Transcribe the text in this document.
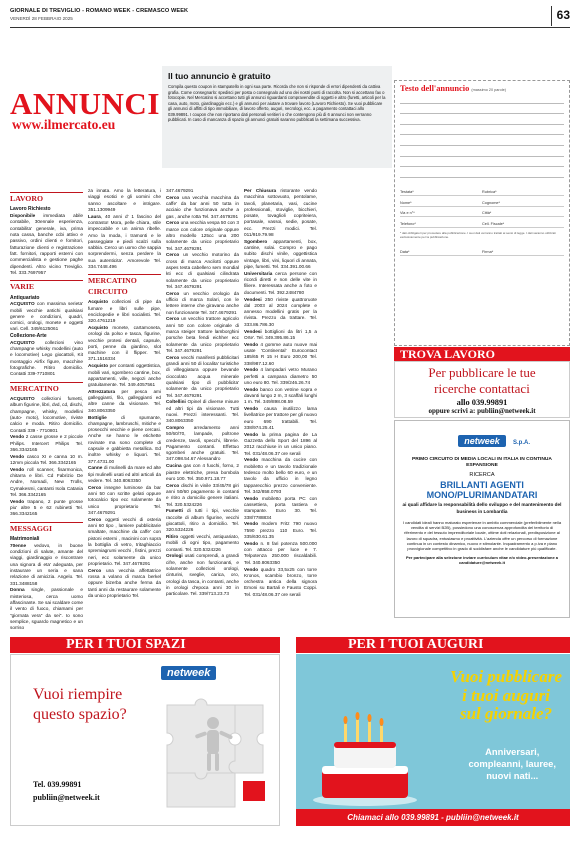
GIORNALE DI TREVIGLIO - ROMANO WEEK - CREMASCO WEEK
VENERDÌ 28 FEBBRAIO 2025	63
ANNUNCI
www.ilmercato.eu
Il tuo annuncio è gratuito

Compila questo coupon in stampatello in ogni sua parte. Ricorda che non si risponde di errori dipendenti da cattiva grafia. Come consegnarlo: spedisci per posta o consegnalo ad uno dei nostri punti di raccolta. Non si accettano fax o fotocopie. Nel Mercatino si accettano tutti gli annunci riguardanti compravendite di oggetti e altro (furetti, articoli per la casa, auto, moto, giardinaggio ecc.) e gli annunci per aiutare a trovare lavoro (Lavoro Richiesto). Se vuoi pubblicare gli annunci di affitti di tipo immobiliare, di lavoro offerto, auguri, necrologi, ecc. a pagamento contattaci allo 039.99891. I coupon che non riportano dati personali veritieri o che contengono più di 6 annunci non verranno pubblicati. In caso di mancanza di spazio gli annunci gratuiti saranno pubblicati la settimana successiva.

Testo dell'annuncio (massimo 20 parole)
Testata*	Rubrica*
Nome*	Cognome*
Via e n°*	Città*
Telefono*	Cell. Fiscale*
* dati obbligatori per procedere alla pubblicazione. I suoi dati verranno trattati ai sensi di legge. I dati saranno utilizzati esclusivamente per la pubblicazione.
Data*	Firma*
LAVORO
Lavoro Richiesto

Disponibile immediata abile contabile, 30ennale esperienza, contabilita' generale, iva, prima nota cassa, banche ccbi attivo e passivo, ordini clienti e fornitori, fatturazione clienti e registrazione fatt. fornitori, rapporti esterni con commercialista e gestione paghe dipendenti. Altro vicino Treviglio. Tel. 333.7697957

VARIE
Antiquariato

ACQUISTO con massima serieta' mobili vecchie antichi qualsiasi genere e condizioni, quadri, cornici, orologi, monete e oggetti vari. Cell. 349/6125061

Collezione-Arte

ACQUISTO collezioni vino champagne whisky modellini (auto e locomotive) Lego giocattoli, Kit montaggio Airfix figure, macchine fotografiche. Ritiro domicilio. Contatti 339-7710801

MERCATINO

ACQUISTO collezioni fumetti, album figurine, libri, dvd, cd, dischi, champagne, whisky, modellini (auto- moto), locomotive, riviste calcio e moda. Ritiro domicilio. Contatti 339 - 7710801

Vendo 2 casse grosse e 2 piccole Philips. Intercert Philips Tel. 366.3342165

Vendo casco XI e canna 10 m. 12mm piccola Tel. 366.3342165

Vendo roll scanner, fisarmonica, chitarra e libri. Cd Fabrizio De Andre, Nomadi, New Trolls, Cymakesmi, cantanti Isola Catania Tel. 366.3342165

Vendo trapano, 2 punte grosse piu' altre 5 e 62 rubinetti Tel. 366.3342165

MESSAGGI
Matrimoniali

70enne vedovo, in buone condizioni di salute, amante del viaggi, giardinaggio e riscontrare una signora di eta' adeguata, per instaurare un seria e sana relazione di amicizia. Angelo. Tel. 331.3488158

Donna single, passionale e misteriosa, cerca uomo affascinante. Se sai scaldare come il vento di fuoco, chiamami per "giornata vera" da sei". Io sono semplice, sguardo magnetico e un sorriso

za innata. Amo la letteratura, i viaggi esotici e gli uomini che sanno ascoltare e intrigare. 351.1309949

Laura, 40 anni d' 1 fascino del contrasto! Mora, pelle chiara, stile impeccabile e un anima ribelle. Amo la moda, i tramonti e le passeggiate e piedi scalzi sulla sabbia. Cerco un uomo che sappia sorprendermi, senza perdere la sua autenticita'. Amorevole Tel. 334.7448.496

MERCATINO CIRCUITO

Acquisto collezioni di pipe da fumare e libri sulle pipe, enciclopedie e libri socialisti. Tel. 320.4761219

Acquisto monete, cartamoneta, orologi da polso e tasca, figurine, vecchie protesi dentali, capsule, porti, penne da giardino, slot machine con il flipper. Tel. 371.1516334

Acquisto per contanti oggettistica, mobili vari, sgombero cantine, box, appartamenti, ville, negozi anche gratuitamente. Tel. 349.4057561

Attrezzatura per pesca ami galleggianti, filo, galleggianti ed altre canne da visionare. Tel. 340.8063350

Bottiglie di spumante, champagne, lambruschi, mitiche e prosecchi vecchie e piene cercasi. Anche se hanno le etichette rovinate ma sono complete di capsule e gabbietta metallica. Ed inoltre whisky e liquori. Tel. 377.4731.00

Canne di mulinelli da mare ed alte tipi mulinelli usati ed altri articoli da vedere. Tel. 340.8063350

Cerco insegne luminose da bar anni 50 con scritte gelati oppure totocalcio tipo ecc solamente da unico proprietario Tel. 347.4679291

Cerco oggetti vecchi di osteria anni 60 tipo , lamiere pubblicitarie smaltate, macchine da caffe' con pistoni esterni , macinini con sopra la bottiglia di vetro, tritaghiaccio spremiagrumi vecchi , fistini, prezzi neri, ecc solamente da unico proprietario. Tel. 347.4679291

Cerco una vecchia affettatrice rossa a volano di marca berkel oppure bizerba anche ferma da tanti anni da restaurare solamente da unico proprietario Tel.

347.4679291

Cerco una vecchia macchina da caffe' da bar anni 50 tutta in acciaio che funzionava anche a gas , anche rotta Tel. 347.4679291

Cerco una vecchia vespa 50 con 3 marce con colore originale oppure altro modello 125cc una 200 solamente da unico proprietario Tel. 347.4679291

Cerco un vecchio motorino da cross di marca Ancilotti oppure aspes testa cabellero sem mondial kti ecc di qualsiasi cilindrata solamente da unico proprietario Tel. 347.4679291

Cerco un vecchio orologio da ufficio di marca Solari, con le lettere interne che giravano anche non funzionante Tel. 347.4679291

Cerco un vecchio trattore agricolo anni 50 con colore originale di marca steiger trattore lamborghini porsche beta fendi eichher ecc solamente da unico proprietario Tel. 347.4679291

Cerco vecchi manifesti pubblicitari grandi anni 50 di localita' turistiche di villeggiatura oppure bevande cioccolato acqua minerale qualsiasi tipo di pubblicita' solamente da unico proprietario Tel. 347.4679291

Coltellini Opinel di diverse misure ed altri tipi da visionare. Tutti nuovi. Prezzi interessanti. Tel. 340.8063350

Compro arredamento anni 50/60/70, lampade, poltrone credenze, tavoli, specchi, librerie. Pagamento contanti. Effettuo sgomberi anche gratuiti. Tel. 347.098.54.67 Alessandro

Cucina gas con 4 fuochi, forno, 2 piastre elettriche, presa bombola euro 100. Tel. 350.971.18.77

Cerco dischi in vinile 33/45/78 giri anni 50/60 pagamento in contanti e ritiro a domicilio genere italiani. Tel. 320.5324226

Fumetti di tutti i tipi, vecchie raccolte di album figurine, vecchi giocattoli, ritiro a domicilio. Tel. 320.5324226

Ritiro oggetti vecchi, antiquariato, mobili di ogni tipo, pagamento contanti. Tel. 320.5324226

Orologi usati comprendi, a grandi cifre, anche non funzionanti, e solamente collezioni orologi, cinturini, sveglie, carica, oro, orologi da tasca, in contanti, anche in orologi d'epoca anni 30 in particolare. Tel. 339/713.23.73

Per Chiusura ristorante vendo macchina sottovuoto, pentolame, tavoli, planetaria, vasi, cucine professionali, stoviglie, bicchieri, posate, tovaglioli copriteiera, portasale, vassoi, sedie, posate, ecc. Prezzi modici. Tel. 011/919.79.98

Sgombero appartamenti, box, cantine, solai. Compro e pago subito dischi vinile, oggettistica vintage, libri, vini, liquori di annata, pipe, fumetti. Tel. 334.391.00.66

Universitaria cerca persone con ricordi diretti e non delle vite in filiere. Interessata anche a foto e documenti. Tel. 392.2484780

Vendesi 250 riviste quattroruote dal 2003 al 2024 complete e annesso modellini gratis per la rivista. Prezzo da trattare. Tel. 333.86.786.30

Vendesi bottiglioni da litri 1,5 a Orte'. Tel. 349.395.86.15

Vendo 4 gomme auto nuove mai usate 'Continental' Eurocontact 185/65 R 15 H Euro 200,00 Tel. 338/987.12.60

Vendo 4 lampadari vetro Murano perfetti a campana diametro 50 uno euro 80. Tel. 339/246.26.74

Vendo banco con vetrine sopra e davanti lungo 2 m, 3 scaffali lunghi 1 m. Tel. 349/898.08.59

Vendo causa inutilizzo lama livellatrice per trattore per gli nuovo euro 690 trattabili. Tel. 338/974.25.41

Vendo la prima pagina de La Gazzetta dello Sport del 1896 al 2012 racchiuse in un unico piano. Tel. 031/48.06.37 ore serali

Vendo macchina da cucire con mobiletto e un tavolo tradizionale tedesco molto bello 60 euro, e un tavolo da ufficio in legno tapparecchio prezzo conveniente. Tel. 342/858.0793

Vendo mobiletto porta PC con cassettiera, porta tastiera e stampante. Euro 30. Tel. 338/7788834

Vendo modem Fritz 790 nuovo 7590 prezzo 110 Euro. Tel. 335/630.61.35

Vendo n. 8 fari potenza 500.000 con attacco per luce e 7. Telpotenza 250.000 riscaldabili. Tel. 340.8063350

Vendo quadro 33,5x25 con torre Kronos, scambio bronzo, torre orchestra antica della signora Emoni su Bartali e Fausto Coppi. Tel. 031/48.06.37 ore serali

TROVA LAVORO
Per pubblicare le tue
ricerche contattaci
allo 039.99891
oppure scrivi a: publiin@netweek.it
netweek S.p.A.
PRIMO CIRCUITO DI MEDIA LOCALI IN ITALIA IN CONTINUA ESPANSIONE
RICERCA
BRILLANTI AGENTI MONO/PLURIMANDATARI
ai quali affidare la responsabilità dello sviluppo e del mantenimento del business in Lombardia
I candidati ideali hanno maturato esperienze in ambito commerciale (preferibilmente nella vendita di servizi B2B), possiedono una conoscenza approfondita del territorio di riferimento e del tessuto imprenditoriale locale, ottime doti relazionali, predisposizione al lavoro di squadra, entusiasmo e proattività. L'azienda offre un percorso di formazione continua in un contesto dinamico, nuovo e stimolante. Inquadramento a p.iva e piano provvigionale competitivo in grado di soddisfare anche le candidature più qualificate.
Per partecipare alla selezione inviare curriculum vitae e/o video-presentazione a candidature@netweek.it
PER I TUOI SPAZI	PER I TUOI AUGURI
Vuoi riempire
questo spazio?
netweek
Tel. 039.99891
publiin@netweek.it
Vuoi pubblicare
i tuoi auguri
sul giornale?
Anniversari,
compleanni, lauree,
nuovi nati...
Chiamaci allo 039.99891 - publiin@netweek.it
